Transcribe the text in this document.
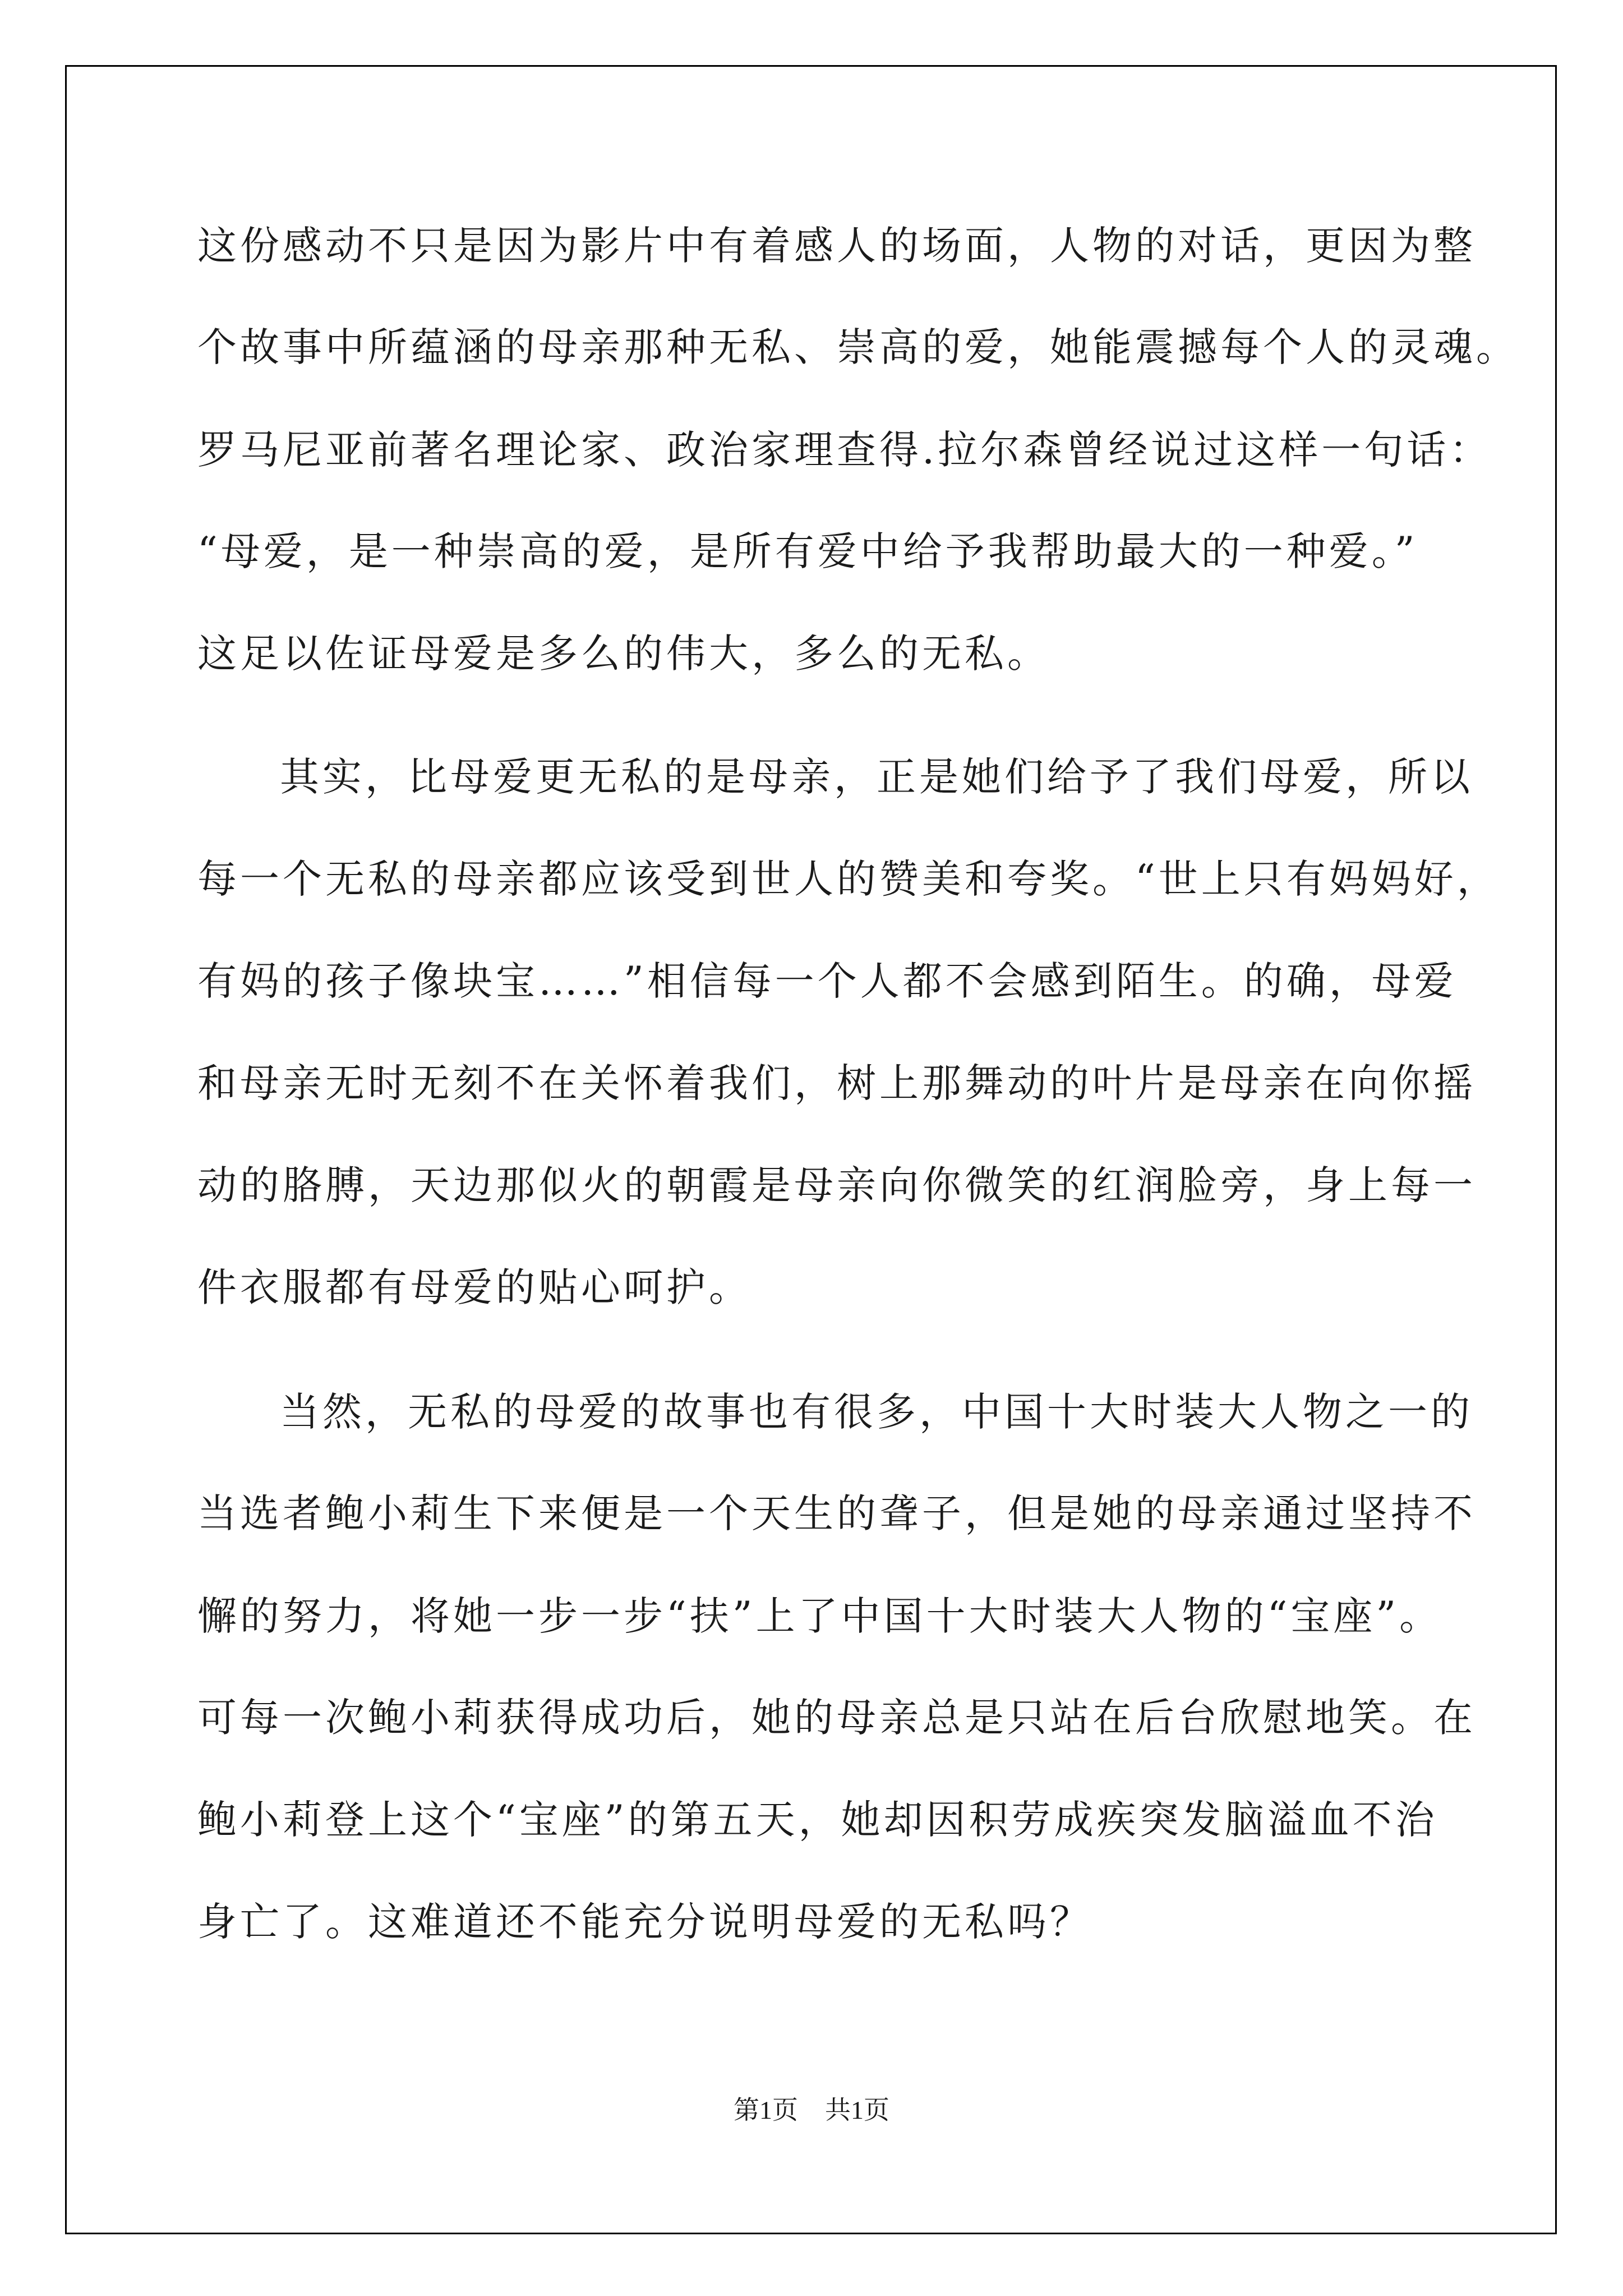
这份感动不只是因为影片中有着感人的场面，人物的对话，更因为整
个故事中所蕴涵的母亲那种无私、崇高的爱，她能震撼每个人的灵魂。
罗马尼亚前著名理论家、政治家理查得.拉尔森曾经说过这样一句话：
“母爱，是一种崇高的爱，是所有爱中给予我帮助最大的一种爱。”
这足以佐证母爱是多么的伟大，多么的无私。
其实，比母爱更无私的是母亲，正是她们给予了我们母爱，所以
每一个无私的母亲都应该受到世人的赞美和夸奖。“世上只有妈妈好，
有妈的孩子像块宝……”相信每一个人都不会感到陌生。的确，母爱
和母亲无时无刻不在关怀着我们，树上那舞动的叶片是母亲在向你摇
动的胳膊，天边那似火的朝霞是母亲向你微笑的红润脸旁，身上每一
件衣服都有母爱的贴心呵护。
当然，无私的母爱的故事也有很多，中国十大时装大人物之一的
当选者鲍小莉生下来便是一个天生的聋子，但是她的母亲通过坚持不
懈的努力，将她一步一步“扶”上了中国十大时装大人物的“宝座”。
可每一次鲍小莉获得成功后，她的母亲总是只站在后台欣慰地笑。在
鲍小莉登上这个“宝座”的第五天，她却因积劳成疾突发脑溢血不治
身亡了。这难道还不能充分说明母爱的无私吗？
第1页 共1页
